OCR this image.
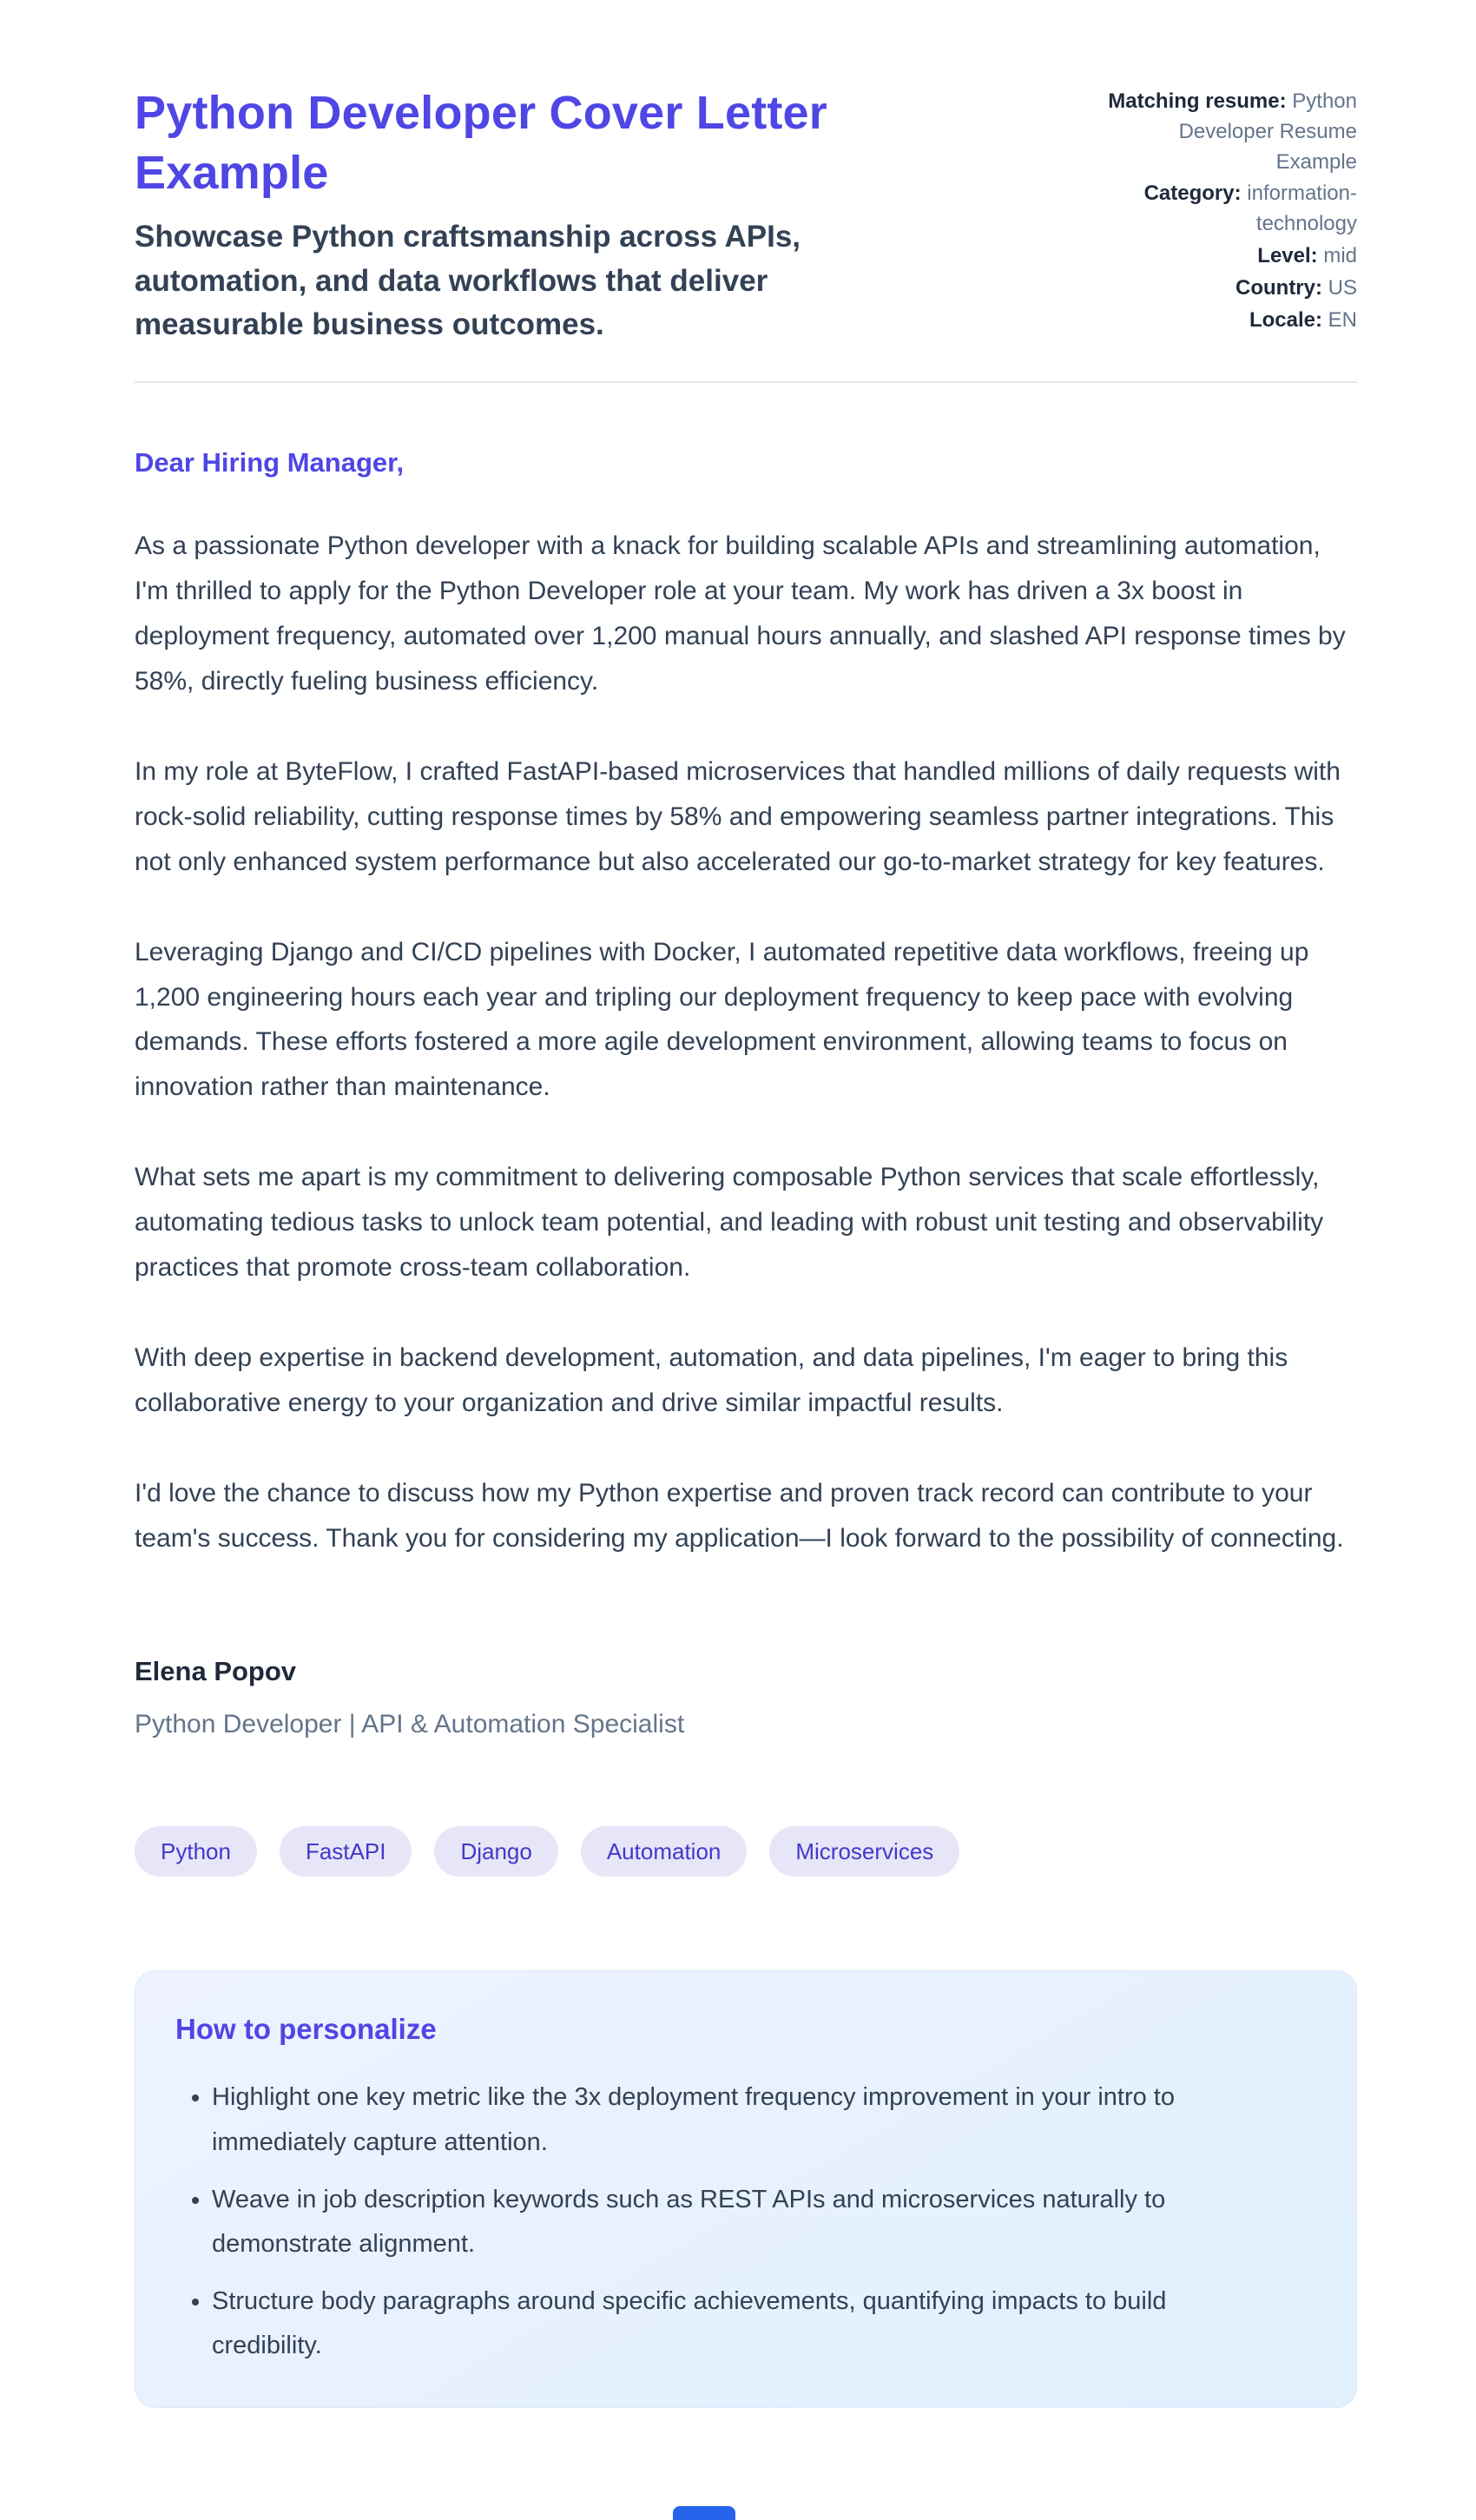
Python Developer Cover Letter Example

Showcase Python craftsmanship across APIs, automation, and data workflows that deliver measurable business outcomes.

Matching resume: Python Developer Resume Example
Category: information-technology
Level: mid
Country: US
Locale: EN

Dear Hiring Manager,

As a passionate Python developer with a knack for building scalable APIs and streamlining automation, I'm thrilled to apply for the Python Developer role at your team. My work has driven a 3x boost in deployment frequency, automated over 1,200 manual hours annually, and slashed API response times by 58%, directly fueling business efficiency.

In my role at ByteFlow, I crafted FastAPI-based microservices that handled millions of daily requests with rock-solid reliability, cutting response times by 58% and empowering seamless partner integrations. This not only enhanced system performance but also accelerated our go-to-market strategy for key features.

Leveraging Django and CI/CD pipelines with Docker, I automated repetitive data workflows, freeing up 1,200 engineering hours each year and tripling our deployment frequency to keep pace with evolving demands. These efforts fostered a more agile development environment, allowing teams to focus on innovation rather than maintenance.

What sets me apart is my commitment to delivering composable Python services that scale effortlessly, automating tedious tasks to unlock team potential, and leading with robust unit testing and observability practices that promote cross-team collaboration.

With deep expertise in backend development, automation, and data pipelines, I'm eager to bring this collaborative energy to your organization and drive similar impactful results.

I'd love the chance to discuss how my Python expertise and proven track record can contribute to your team's success. Thank you for considering my application—I look forward to the possibility of connecting.

Elena Popov

Python Developer | API & Automation Specialist

Python	FastAPI	Django	Automation	Microservices
How to personalize
• Highlight one key metric like the 3x deployment frequency improvement in your intro to immediately capture attention.
• Weave in job description keywords such as REST APIs and microservices naturally to demonstrate alignment.
• Structure body paragraphs around specific achievements, quantifying impacts to build credibility.
